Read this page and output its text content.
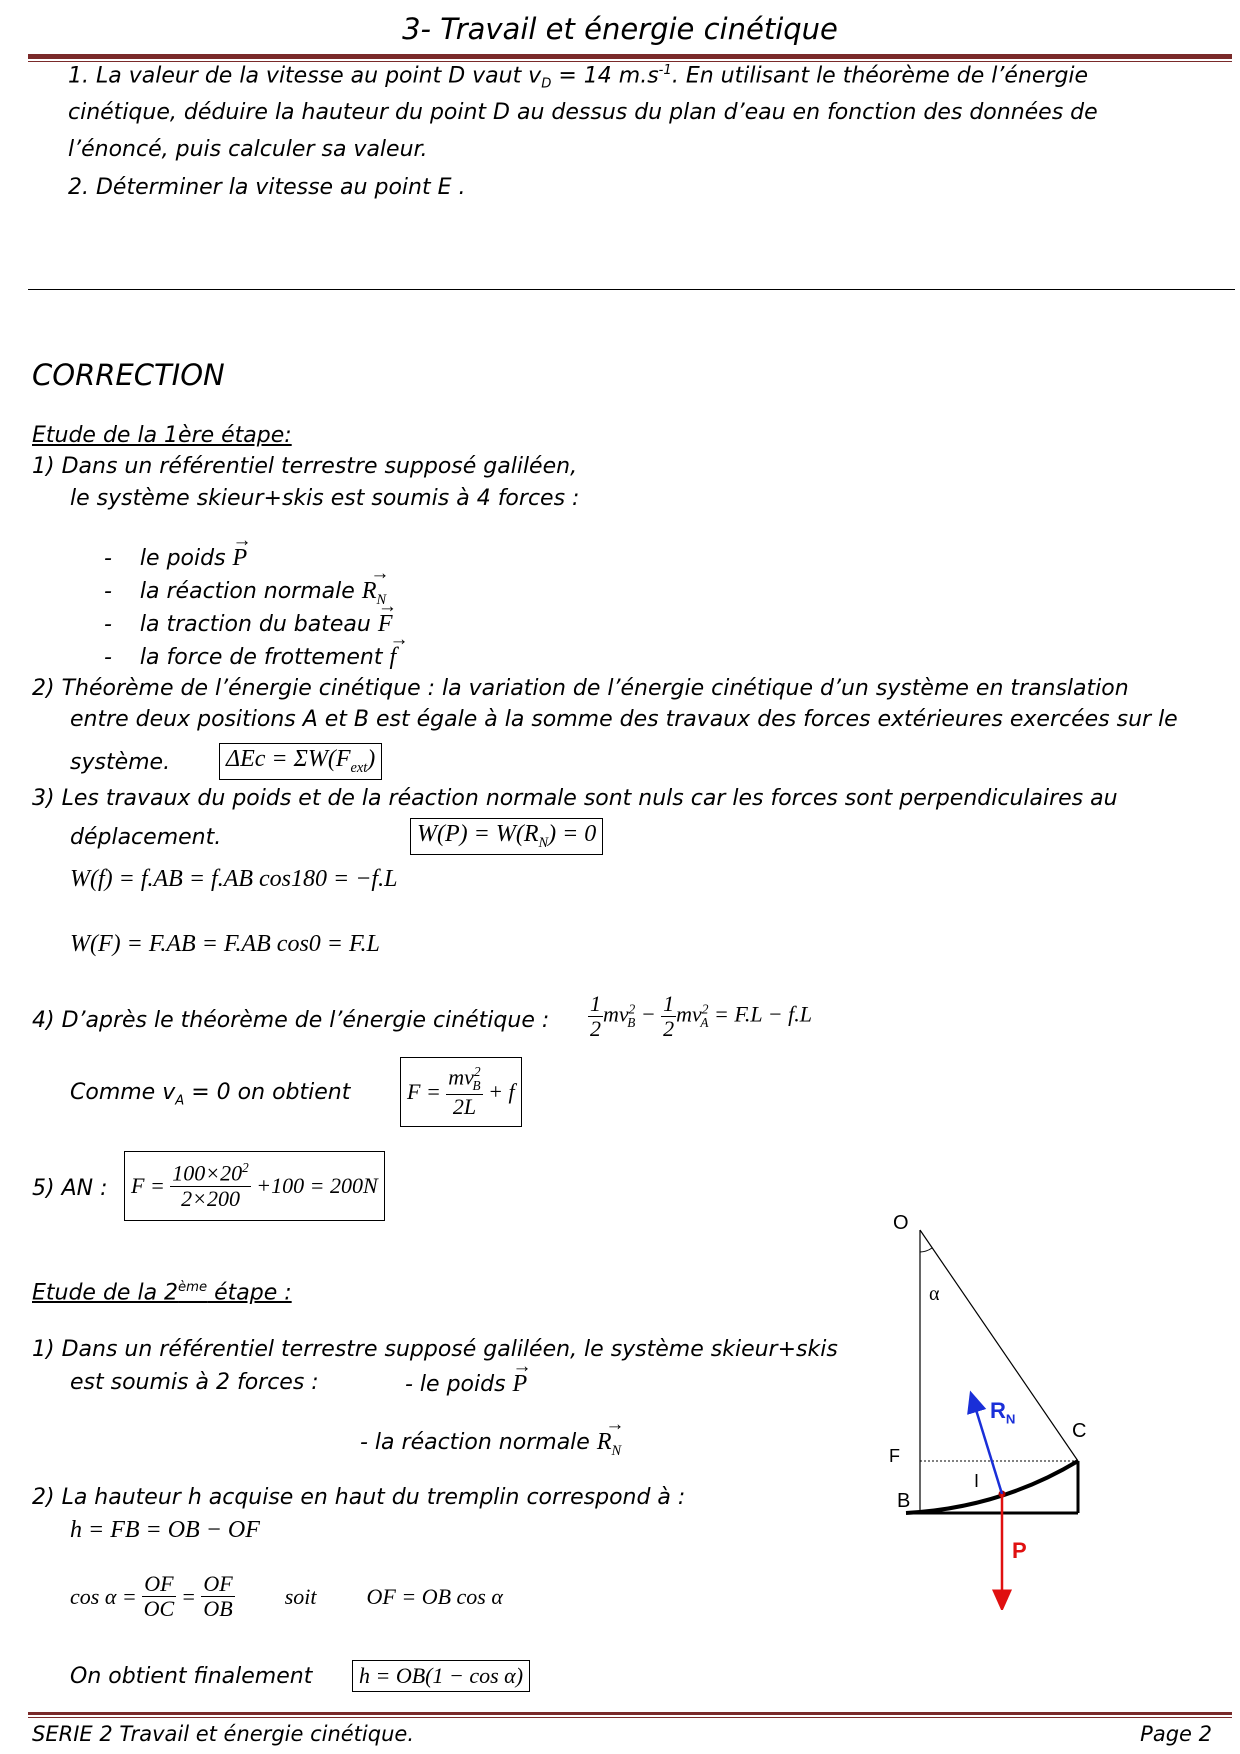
3- Travail et énergie cinétique
1. La valeur de la vitesse au point D vaut $v_D = 14$ $m.s^{-1}$. En utilisant le théorème de l’énergie
cinétique, déduire la hauteur du point D au dessus du plan d’eau en fonction des données de
l’énoncé, puis calculer sa valeur.
2. Déterminer la vitesse au point E .
CORRECTION
Etude de la 1ère étape:
1) Dans un référentiel terrestre supposé galiléen,
le système skieur+skis est soumis à 4 forces :
-    le poids → P
-    la réaction normale → $R_N$
-    la traction du bateau → F
-    la force de frottement → f
2) Théorème de l’énergie cinétique : la variation de l’énergie cinétique d’un système en translation
entre deux positions A et B est égale à la somme des travaux des forces extérieures exercées sur le
système. $\Delta Ec = \Sigma W(F_{ext})$
3) Les travaux du poids et de la réaction normale sont nuls car les forces sont perpendiculaires au
déplacement.	$W(P) = W(R_N) = 0$
W(f) = f.AB = f.AB cos180 = −f.L
W(F) = F.AB = F.AB cos0 = F.L
4) D’après le théorème de l’énergie cinétique : $\frac{1}{2} mv^2_B - \frac{1}{2} mv^2_A = F.L - f.L$
Comme $v_A = 0$ on obtient	F =
$\frac{mv^2_B}{2L}$
+ f
5) AN : F =
$\frac{100\times 20^2}{2\times 200}$
+100 = 200N
Etude de la 2ème étape :
1) Dans un référentiel terrestre supposé galiléen, le système skieur+skis
est soumis à 2 forces :	- le poids → P
- la réaction normale → $R_N$
2) La hauteur h acquise en haut du tremplin correspond à :
h = FB = OB − OF
cos α =
$\frac{OF}{OC} = \frac{OF}{OB}$ soit OF = OB cos α
On obtient finalement	h = OB(1 − cos α)
O
α
$R_N$
C
F
I
B
P
SERIE 2 Travail et énergie cinétique.	Page 2
